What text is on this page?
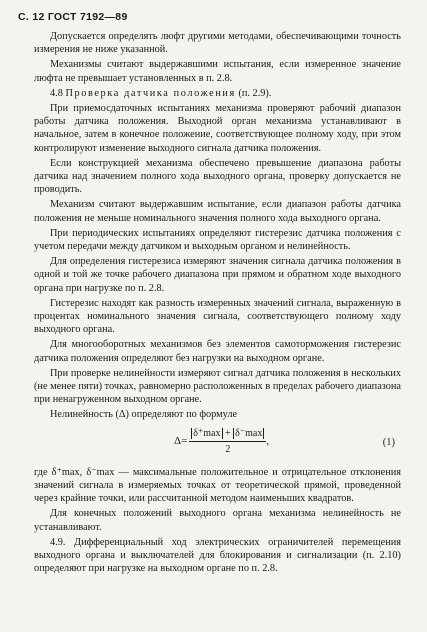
С. 12 ГОСТ 7192—89

Допускается определять люфт другими методами, обеспечивающими точность измерения не ниже указанной.

Механизмы считают выдержавшими испытания, если измеренное значение люфта не превышает установленных в п. 2.8.

4.8 Проверка датчика положения (п. 2.9).

При приемосдаточных испытаниях механизма проверяют рабочий диапазон работы датчика положения. Выходной орган механизма устанавливают в начальное, затем в конечное положение, соответствующее полному ходу, при этом контролируют изменение выходного сигнала датчика положения.

Если конструкцией механизма обеспечено превышение диапазона работы датчика над значением полного хода выходного органа, проверку допускается не проводить.

Механизм считают выдержавшим испытание, если диапазон работы датчика положения не меньше номинального значения полного хода выходного органа.

При периодических испытаниях определяют гистерезис датчика положения с учетом передачи между датчиком и выходным органом и нелинейность.

Для определения гистерезиса измеряют значения сигнала датчика положения в одной и той же точке рабочего диапазона при прямом и обратном ходе выходного органа при нагрузке по п. 2.8.

Гистерезис находят как разность измеренных значений сигнала, выраженную в процентах номинального значения сигнала, соответствующего полному ходу выходного органа.

Для многооборотных механизмов без элементов самоторможения гистерезис датчика положения определяют без нагрузки на выходном органе.

При проверке нелинейности измеряют сигнал датчика положения в нескольких (не менее пяти) точках, равномерно расположенных в пределах рабочего диапазона при ненагруженном выходном органе.

Нелинейность (Δ) определяют по формуле

$\Delta= \frac{\delta^+\max + \delta^-\max}{2}$ ,	(1)

где δ⁺max, δ⁻max — максимальные положительное и отрицательное отклонения значений сигнала в измеряемых точках от теоретической прямой, проведенной через крайние точки, или рассчитанной методом наименьших квадратов.

Для конечных положений выходного органа механизма нелинейность не устанавливают.

4.9. Дифференциальный ход электрических ограничителей перемещения выходного органа и выключателей для блокирования и сигнализации (п. 2.10) определяют при нагрузке на выходном органе по п. 2.8.
